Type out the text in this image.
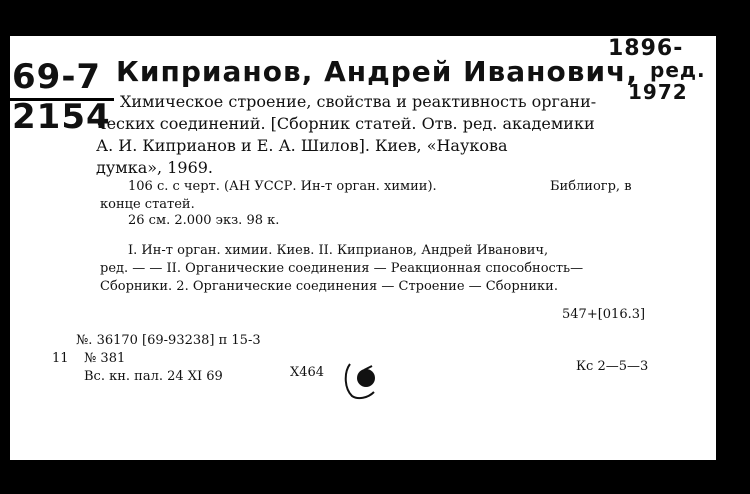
1896-
1972
ред.
69-7
2154
Киприанов, Андрей Иванович,
Химическое строение, свойства и реактивность органи-
ческих соединений. [Сборник статей. Отв. ред. академики
А. И. Киприанов и Е. А. Шилов]. Киев, «Наукова
думка», 1969.
106 с. с черт. (АН УССР. Ин-т орган. химии).	Библиогр, в
конце статей.
26 см. 2.000 экз. 98 к.
I. Ин-т орган. химии. Киев. II. Киприанов, Андрей Иванович,
ред. — — II. Органические соединения — Реакционная способность—
Сборники. 2. Органические соединения — Строение — Сборники.
547+[016.3]
№. 36170 [69-93238] п 15-3
11 № 381
Вс. кн. пал. 24 XI 69	Х464	Кс 2—5—3
